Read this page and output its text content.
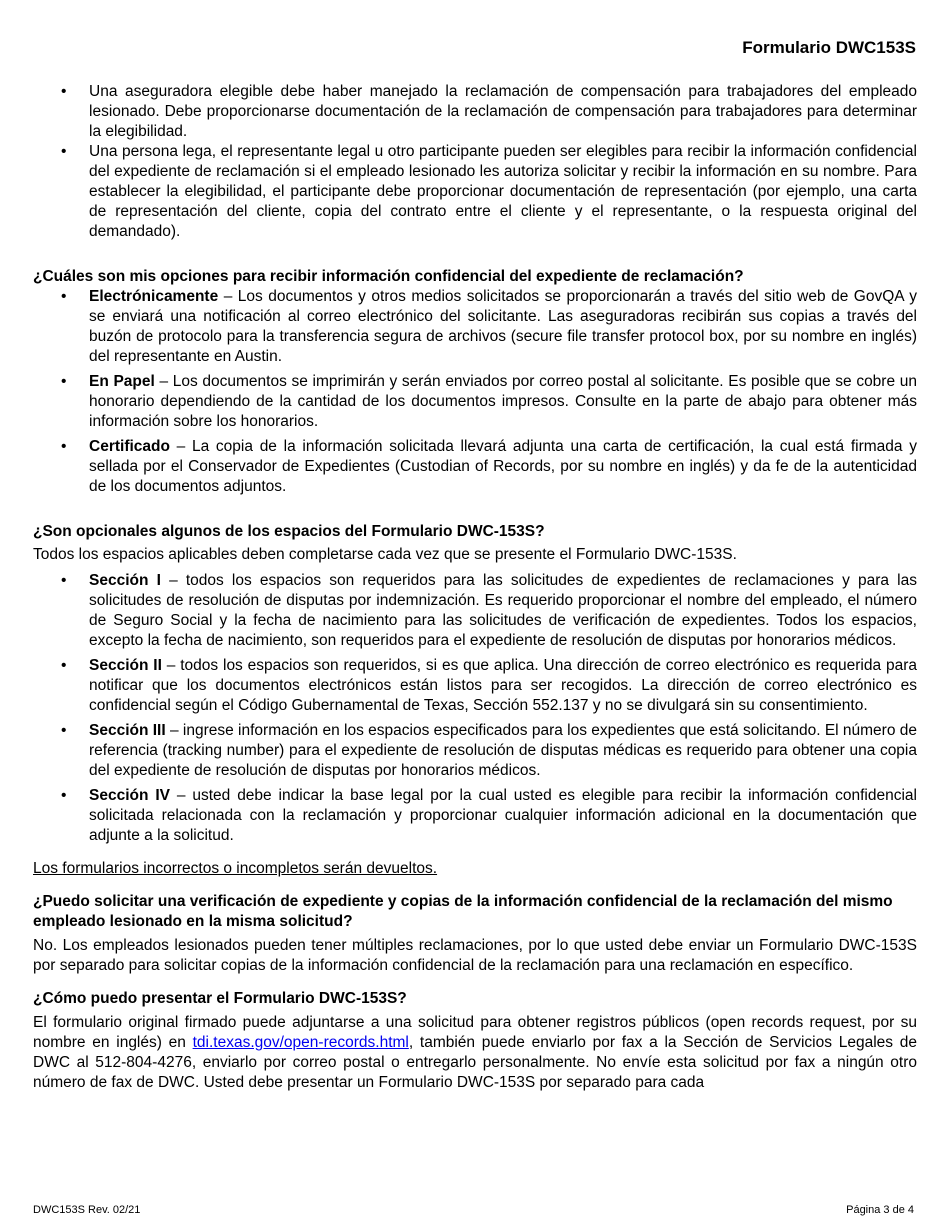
Formulario DWC153S
• Una aseguradora elegible debe haber manejado la reclamación de compensación para trabajadores del empleado lesionado. Debe proporcionarse documentación de la reclamación de compensación para trabajadores para determinar la elegibilidad.
• Una persona lega, el representante legal u otro participante pueden ser elegibles para recibir la información confidencial del expediente de reclamación si el empleado lesionado les autoriza solicitar y recibir la información en su nombre. Para establecer la elegibilidad, el participante debe proporcionar documentación de representación (por ejemplo, una carta de representación del cliente, copia del contrato entre el cliente y el representante, o la respuesta original del demandado).
¿Cuáles son mis opciones para recibir información confidencial del expediente de reclamación?
• Electrónicamente – Los documentos y otros medios solicitados se proporcionarán a través del sitio web de GovQA y se enviará una notificación al correo electrónico del solicitante. Las aseguradoras recibirán sus copias a través del buzón de protocolo para la transferencia segura de archivos (secure file transfer protocol box, por su nombre en inglés) del representante en Austin.
• En Papel – Los documentos se imprimirán y serán enviados por correo postal al solicitante. Es posible que se cobre un honorario dependiendo de la cantidad de los documentos impresos. Consulte en la parte de abajo para obtener más información sobre los honorarios.
• Certificado – La copia de la información solicitada llevará adjunta una carta de certificación, la cual está firmada y sellada por el Conservador de Expedientes (Custodian of Records, por su nombre en inglés) y da fe de la autenticidad de los documentos adjuntos.
¿Son opcionales algunos de los espacios del Formulario DWC-153S?

Todos los espacios aplicables deben completarse cada vez que se presente el Formulario DWC-153S.

• Sección I – todos los espacios son requeridos para las solicitudes de expedientes de reclamaciones y para las solicitudes de resolución de disputas por indemnización. Es requerido proporcionar el nombre del empleado, el número de Seguro Social y la fecha de nacimiento para las solicitudes de verificación de expedientes. Todos los espacios, excepto la fecha de nacimiento, son requeridos para el expediente de resolución de disputas por honorarios médicos.
• Sección II – todos los espacios son requeridos, si es que aplica. Una dirección de correo electrónico es requerida para notificar que los documentos electrónicos están listos para ser recogidos. La dirección de correo electrónico es confidencial según el Código Gubernamental de Texas, Sección 552.137 y no se divulgará sin su consentimiento.
• Sección III – ingrese información en los espacios especificados para los expedientes que está solicitando. El número de referencia (tracking number) para el expediente de resolución de disputas médicas es requerido para obtener una copia del expediente de resolución de disputas por honorarios médicos.
• Sección IV – usted debe indicar la base legal por la cual usted es elegible para recibir la información confidencial solicitada relacionada con la reclamación y proporcionar cualquier información adicional en la documentación que adjunte a la solicitud.

Los formularios incorrectos o incompletos serán devueltos.

¿Puedo solicitar una verificación de expediente y copias de la información confidencial de la reclamación del mismo empleado lesionado en la misma solicitud?

No. Los empleados lesionados pueden tener múltiples reclamaciones, por lo que usted debe enviar un Formulario DWC-153S por separado para solicitar copias de la información confidencial de la reclamación para una reclamación en específico.

¿Cómo puedo presentar el Formulario DWC-153S?

El formulario original firmado puede adjuntarse a una solicitud para obtener registros públicos (open records request, por su nombre en inglés) en tdi.texas.gov/open-records.html, también puede enviarlo por fax a la Sección de Servicios Legales de DWC al 512-804-4276, enviarlo por correo postal o entregarlo personalmente. No envíe esta solicitud por fax a ningún otro número de fax de DWC. Usted debe presentar un Formulario DWC-153S por separado para cada

DWC153S Rev. 02/21	Página 3 de 4
